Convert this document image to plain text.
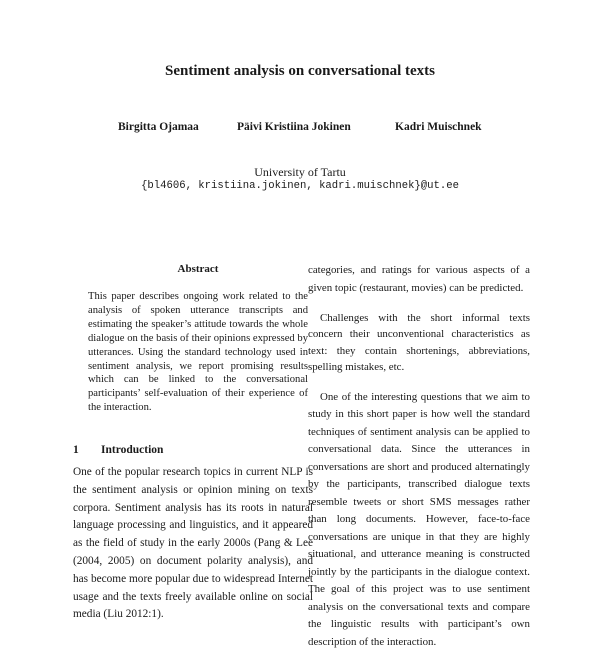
Sentiment analysis on conversational texts
Birgitta Ojamaa	Päivi Kristiina Jokinen	Kadri Muischnek
University of Tartu
{bl4606, kristiina.jokinen, kadri.muischnek}@ut.ee
Abstract

This paper describes ongoing work related to the analysis of spoken utterance transcripts and estimating the speaker’s attitude towards the whole dialogue on the basis of their opinions expressed by utterances. Using the standard technology used in sentiment analysis, we report promising results which can be linked to the conversational participants’ self-evaluation of their experience of the interaction.

1 Introduction

One of the popular research topics in current NLP is the sentiment analysis or opinion mining on texts corpora. Sentiment analysis has its roots in natural language processing and linguistics, and it appeared as the field of study in the early 2000s (Pang & Lee (2004, 2005) on document polarity analysis), and has become more popular due to widespread Internet usage and the texts freely available online on social media (Liu 2012:1).

categories, and ratings for various aspects of a given topic (restaurant, movies) can be predicted.

Challenges with the short informal texts concern their unconventional characteristics as text: they contain shortenings, abbreviations, spelling mistakes, etc.

One of the interesting questions that we aim to study in this short paper is how well the standard techniques of sentiment analysis can be applied to conversational data. Since the utterances in conversations are short and produced alternatingly by the participants, transcribed dialogue texts resemble tweets or short SMS messages rather than long documents. However, face-to-face conversations are unique in that they are highly situational, and utterance meaning is constructed jointly by the participants in the dialogue context. The goal of this project was to use sentiment analysis on the conversational texts and compare the linguistic results with participant’s own description of the interaction.
